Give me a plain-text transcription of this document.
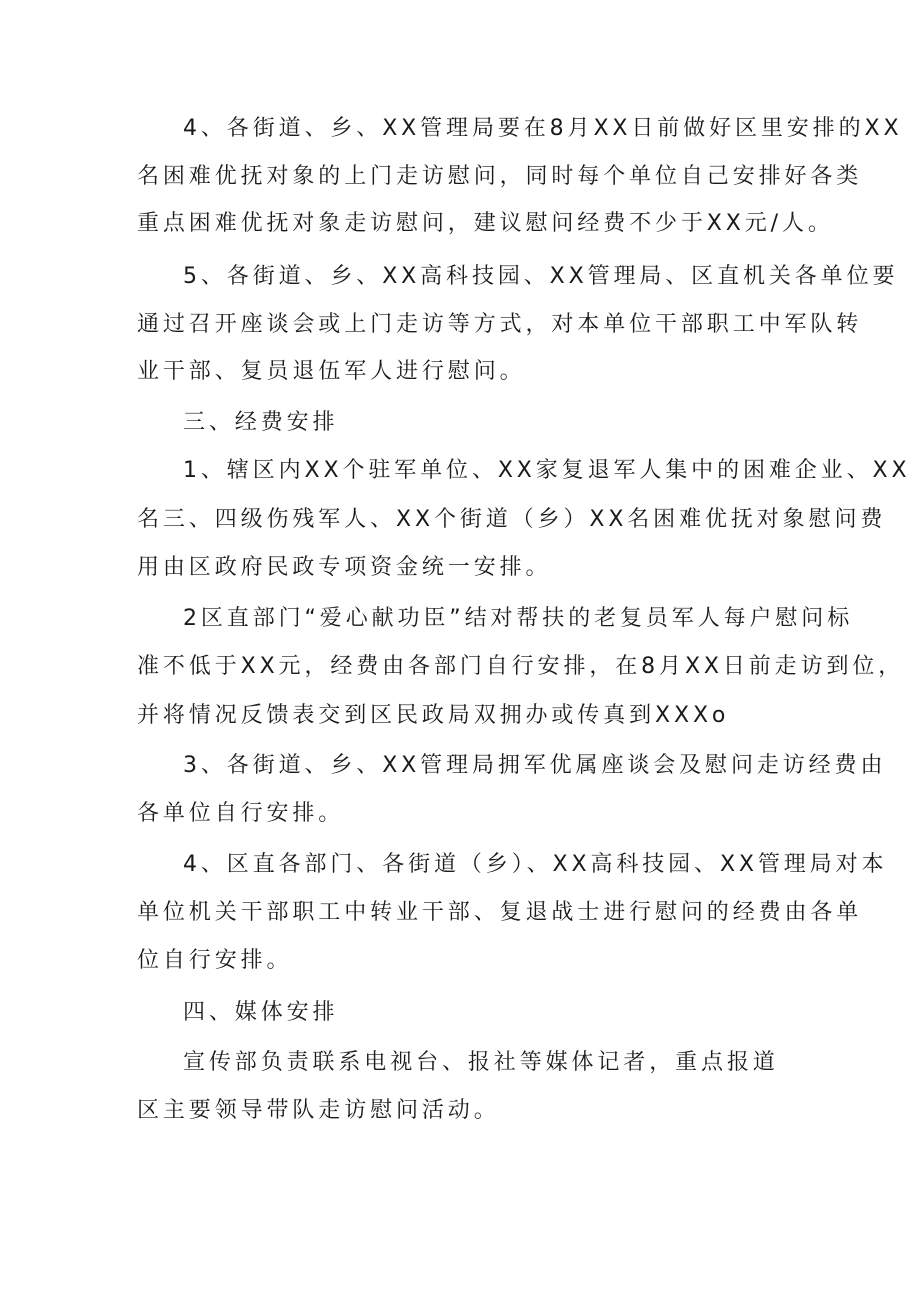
4、各街道、乡、XX管理局要在8月XX日前做好区里安排的XX
名困难优抚对象的上门走访慰问，同时每个单位自己安排好各类
重点困难优抚对象走访慰问，建议慰问经费不少于XX元/人。
5、各街道、乡、XX高科技园、XX管理局、区直机关各单位要
通过召开座谈会或上门走访等方式，对本单位干部职工中军队转
业干部、复员退伍军人进行慰问。
三、经费安排
1、辖区内XX个驻军单位、XX家复退军人集中的困难企业、XX
名三、四级伤残军人、XX个街道（乡）XX名困难优抚对象慰问费
用由区政府民政专项资金统一安排。
2区直部门“爱心献功臣”结对帮扶的老复员军人每户慰问标
准不低于XX元，经费由各部门自行安排，在8月XX日前走访到位，
并将情况反馈表交到区民政局双拥办或传真到XXXo
3、各街道、乡、XX管理局拥军优属座谈会及慰问走访经费由
各单位自行安排。
4、区直各部门、各街道（乡）、XX高科技园、XX管理局对本
单位机关干部职工中转业干部、复退战士进行慰问的经费由各单
位自行安排。
四、媒体安排
宣传部负责联系电视台、报社等媒体记者，重点报道
区主要领导带队走访慰问活动。
